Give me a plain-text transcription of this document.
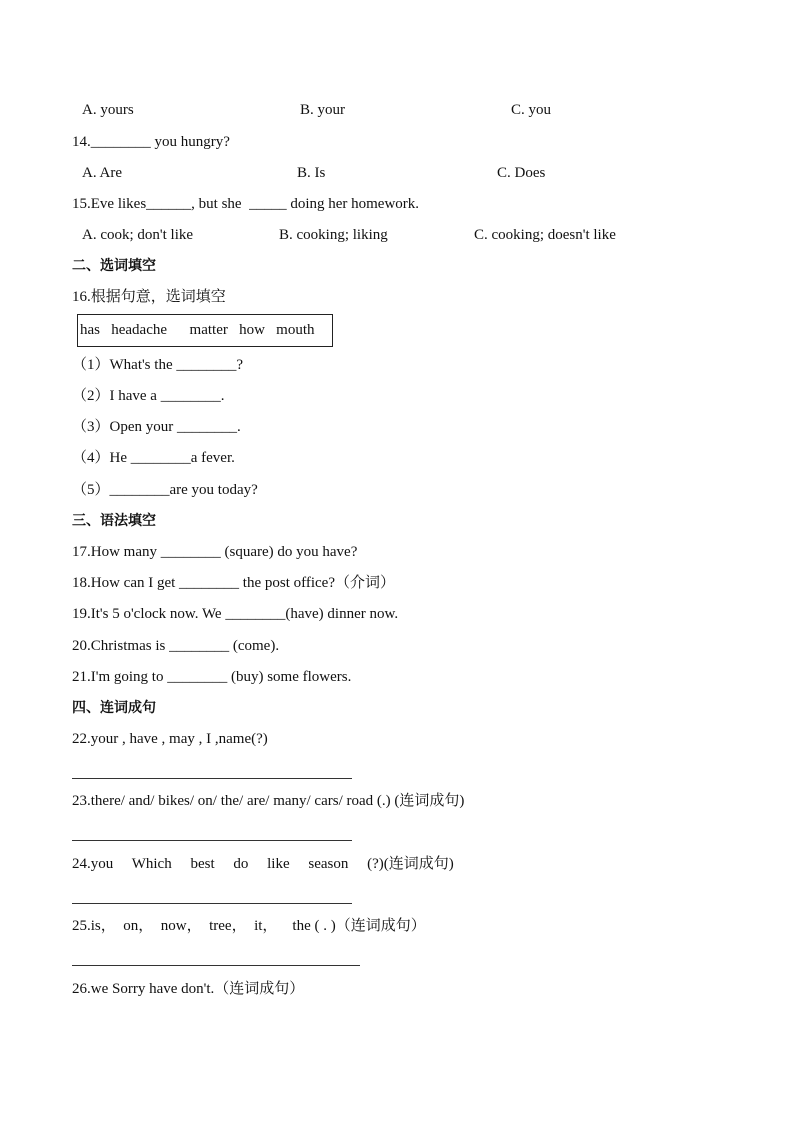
A. yours	B. your	C. you
14.________ you hungry?
A. Are	B. Is	C. Does
15.Eve likes______, but she  _____ doing her homework.
A. cook; don't like	B. cooking; liking	C. cooking; doesn't like
二、选词填空
16.根据句意，选词填空
has   headache      matter   how   mouth
（1）What's the ________?
（2）I have a ________.
（3）Open your ________.
（4）He ________a fever.
（5）________are you today?
三、语法填空
17.How many ________ (square) do you have?
18.How can I get ________ the post office?（介词）
19.It's 5 o'clock now. We ________(have) dinner now.
20.Christmas is ________ (come).
21.I'm going to ________ (buy) some flowers.
四、连词成句
22.your , have , may , I ,name(?)
23.there/ and/ bikes/ on/ the/ are/ many/ cars/ road (.) (连词成句)
24.you     Which     best     do     like     season     (?)(连词成句)
25.is，  on，  now，  tree，  it，    the ( . )（连词成句）
26.we Sorry have don't.（连词成句）
